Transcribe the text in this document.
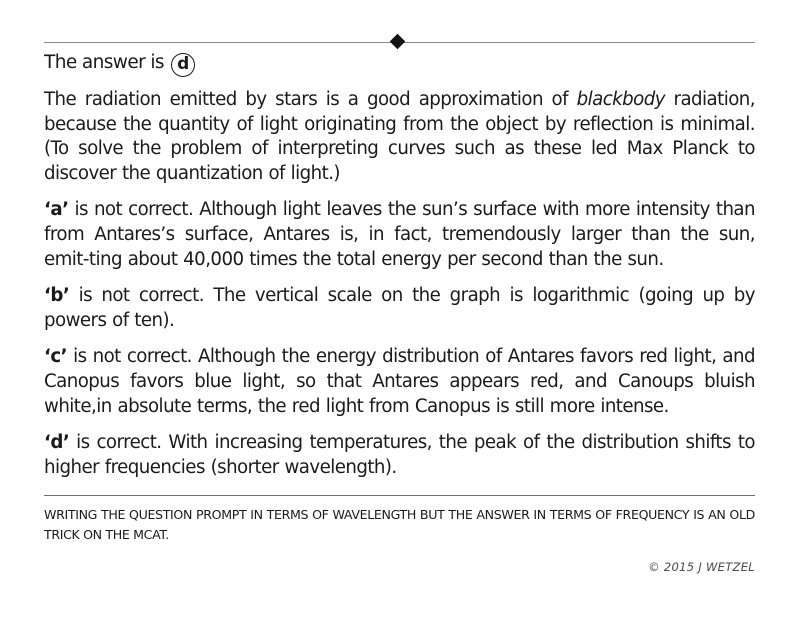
The answer is d

The radiation emitted by stars is a good approximation of blackbody radiation, because the quantity of light originating from the object by reflection is minimal. (To solve the problem of interpreting curves such as these led Max Planck to discover the quantization of light.)

‘a’ is not correct. Although light leaves the sun’s surface with more intensity than from Antares’s surface, Antares is, in fact, tremendously larger than the sun, emit-ting about 40,000 times the total energy per second than the sun.

‘b’ is not correct. The vertical scale on the graph is logarithmic (going up by powers of ten).

‘c’ is not correct. Although the energy distribution of Antares favors red light, and Canopus favors blue light, so that Antares appears red, and Canoups bluish white,in absolute terms, the red light from Canopus is still more intense.

‘d’ is correct. With increasing temperatures, the peak of the distribution shifts to higher frequencies (shorter wavelength).

WRITING THE QUESTION PROMPT IN TERMS OF WAVELENGTH BUT THE ANSWER IN TERMS OF FREQUENCY IS AN OLD TRICK ON THE MCAT.
© 2015 J WETZEL
